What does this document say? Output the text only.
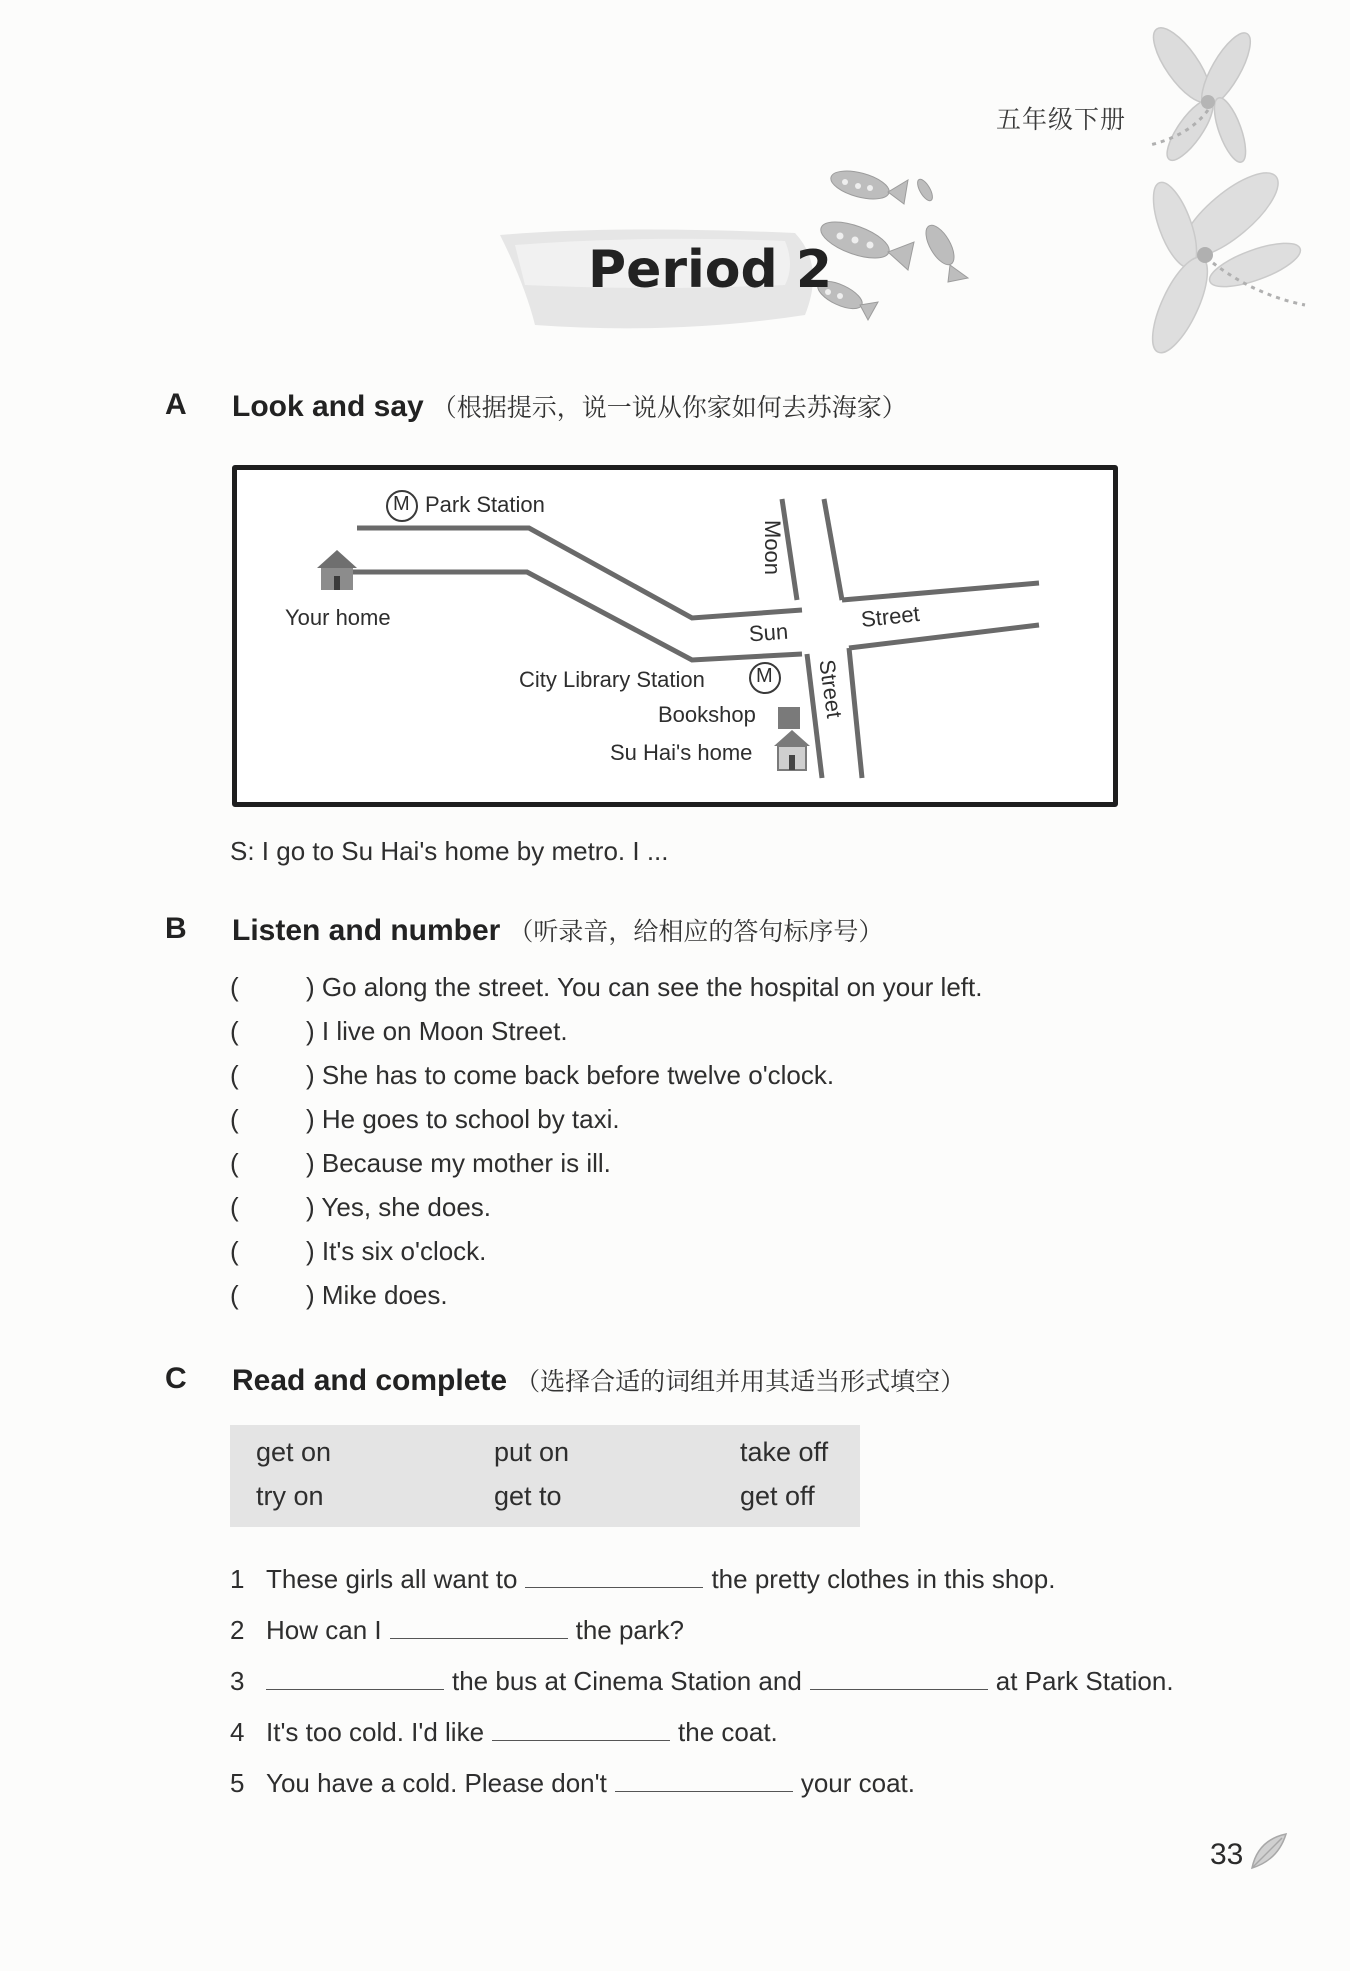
五年级下册
Period 2
A Look and say （根据提示，说一说从你家如何去苏海家）
M
M
Park Station
Your home
Moon
Sun
Street
Street
City Library Station
Bookshop
Su Hai's home
S: I go to Su Hai's home by metro. I ...
B Listen and number （听录音，给相应的答句标序号）
(	) Go along the street. You can see the hospital on your left.
(	) I live on Moon Street.
(	) She has to come back before twelve o'clock.
(	) He goes to school by taxi.
(	) Because my mother is ill.
(	) Yes, she does.
(	) It's six o'clock.
(	) Mike does.
C Read and complete （选择合适的词组并用其适当形式填空）
get on	put on	take off
try on	get to	get off
1 These girls all want to	the pretty clothes in this shop.
2 How can I	the park?
3	the bus at Cinema Station and	at Park Station.
4 It's too cold. I'd like	the coat.
5 You have a cold. Please don't	your coat.
33
